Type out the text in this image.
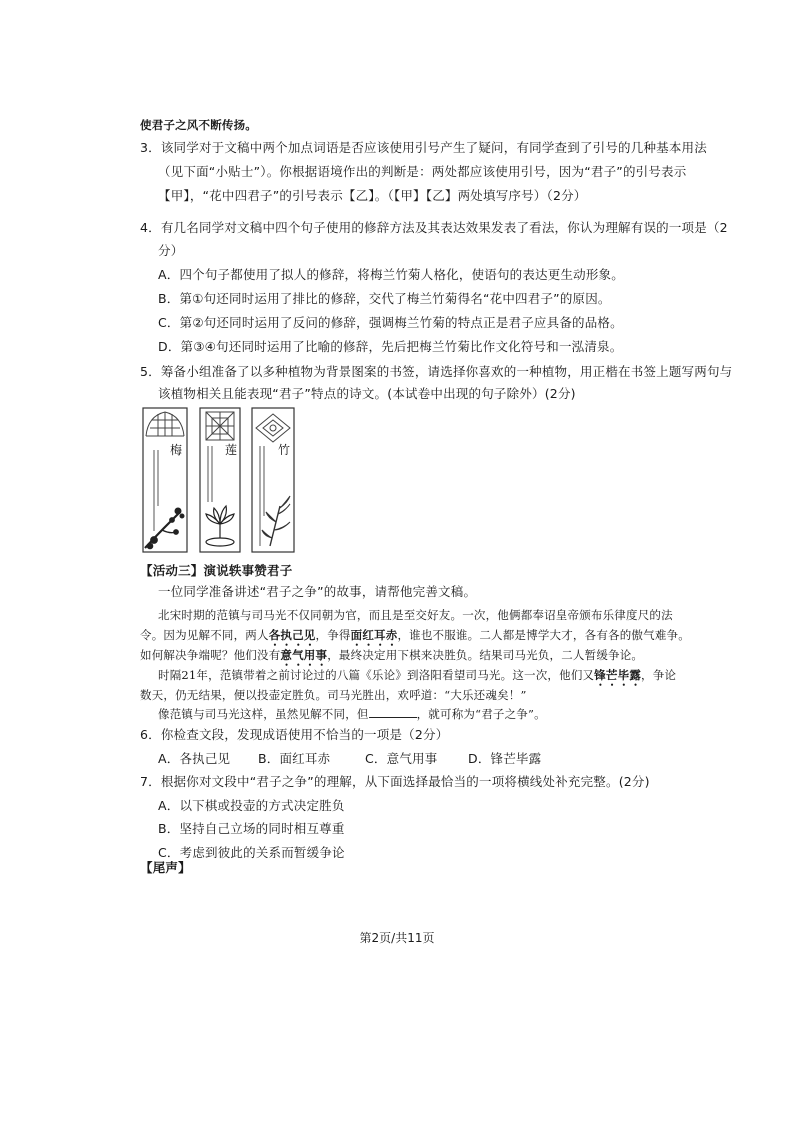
使君子之风不断传扬。
3．该同学对于文稿中两个加点词语是否应该使用引号产生了疑问，有同学查到了引号的几种基本用法
（见下面“小贴士”）。你根据语境作出的判断是：两处都应该使用引号，因为“君子”的引号表示
【甲】，“花中四君子”的引号表示【乙】。（【甲】【乙】两处填写序号）（2分）
4．有几名同学对文稿中四个句子使用的修辞方法及其表达效果发表了看法，你认为理解有误的一项是（2
分）
A．四个句子都使用了拟人的修辞，将梅兰竹菊人格化，使语句的表达更生动形象。
B．第①句还同时运用了排比的修辞，交代了梅兰竹菊得名“花中四君子”的原因。
C．第②句还同时运用了反问的修辞，强调梅兰竹菊的特点正是君子应具备的品格。
D．第③④句还同时运用了比喻的修辞，先后把梅兰竹菊比作文化符号和一泓清泉。
5．筹备小组准备了以多种植物为背景图案的书签，请选择你喜欢的一种植物，用正楷在书签上题写两句与
该植物相关且能表现“君子”特点的诗文。(本试卷中出现的句子除外）(2分)
梅	莲	竹
【活动三】演说轶事赞君子
一位同学准备讲述“君子之争”的故事，请帮他完善文稿。
北宋时期的范镇与司马光不仅同朝为官，而且是至交好友。一次，他俩都奉诏皇帝颁布乐律度尺的法
令。因为见解不同，两人各执己见，争得面红耳赤，谁也不服谁。二人都是博学大才，各有各的傲气难争。
如何解决争端呢？他们没有意气用事，最终决定用下棋来决胜负。结果司马光负，二人暂缓争论。
时隔21年，范镇带着之前讨论过的八篇《乐论》到洛阳看望司马光。这一次，他们又锋芒毕露，争论
数天，仍无结果，便以投壶定胜负。司马光胜出，欢呼道：“大乐还魂矣！”
像范镇与司马光这样，虽然见解不同，但	，就可称为“君子之争”。
6．你检查文段，发现成语使用不恰当的一项是（2分）
A．各执己见 B．面红耳赤	C．意气用事 D．锋芒毕露
7．根据你对文段中“君子之争”的理解，从下面选择最恰当的一项将横线处补充完整。(2分)
A．以下棋或投壶的方式决定胜负
B．坚持自己立场的同时相互尊重
C．考虑到彼此的关系而暂缓争论
【尾声】
第2页/共11页
